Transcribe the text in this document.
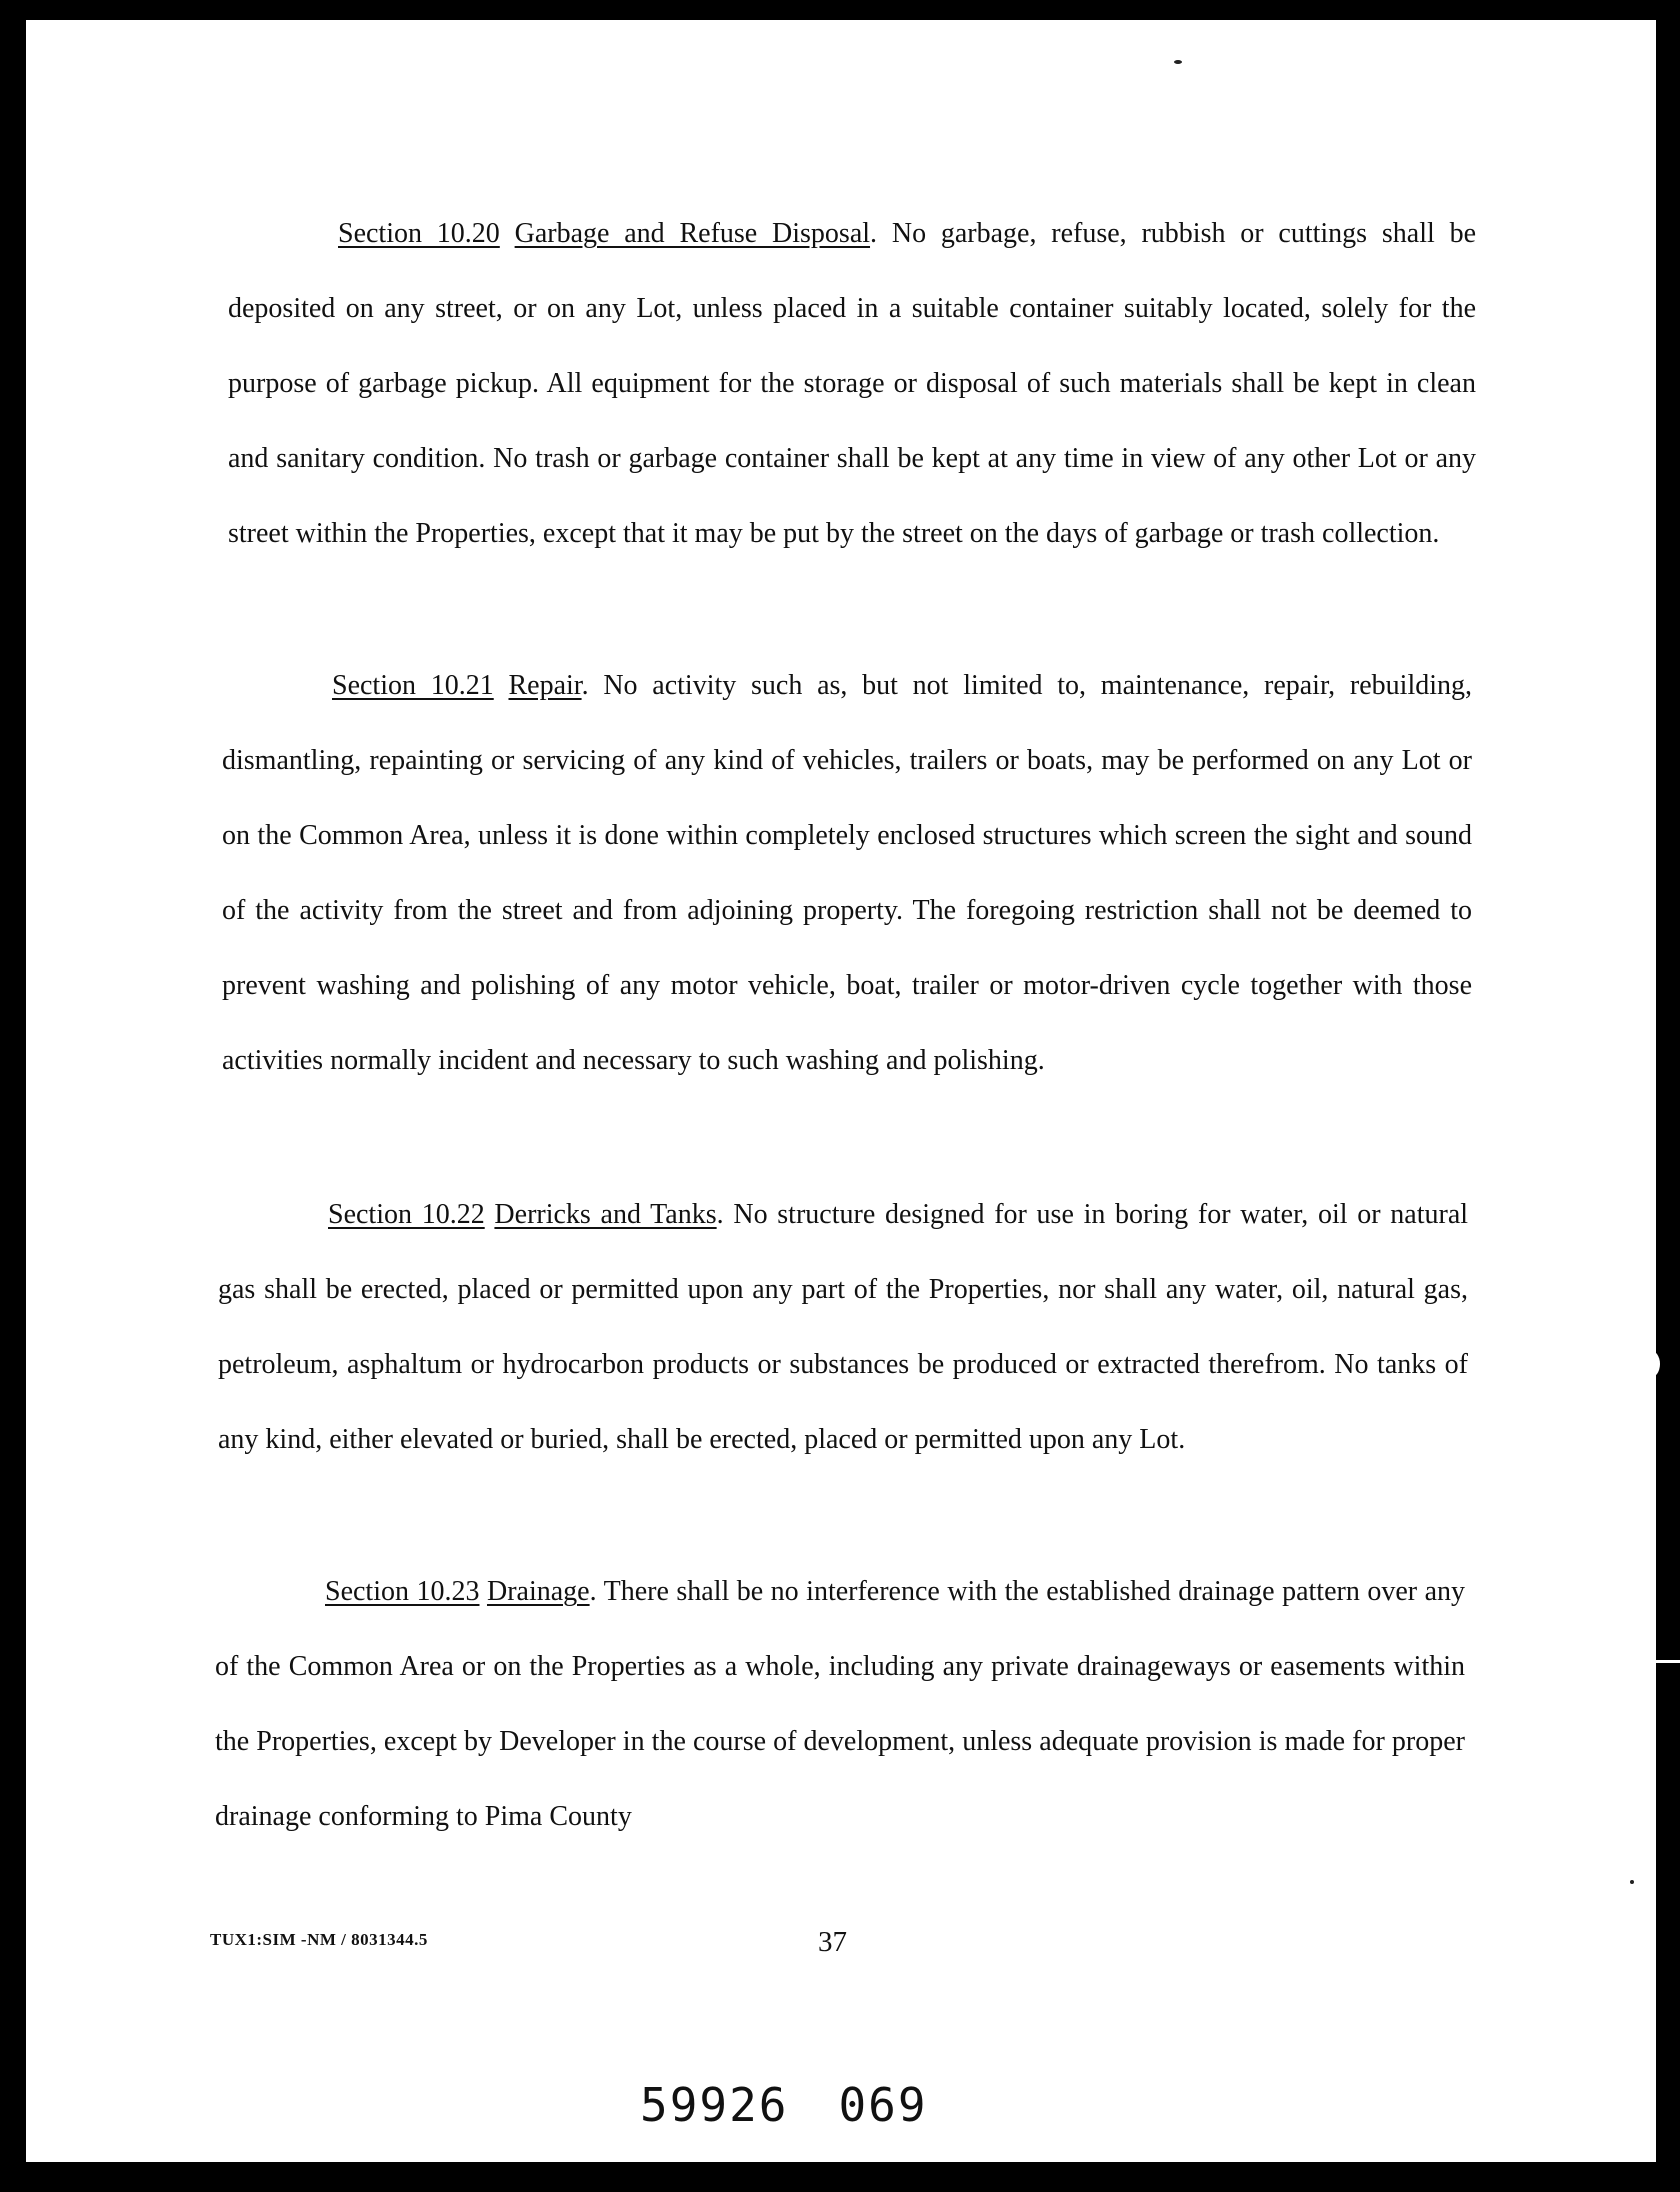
Section 10.20 Garbage and Refuse Disposal. No garbage, refuse, rubbish or cuttings shall be deposited on any street, or on any Lot, unless placed in a suitable container suitably located, solely for the purpose of garbage pickup. All equipment for the storage or disposal of such materials shall be kept in clean and sanitary condition. No trash or garbage container shall be kept at any time in view of any other Lot or any street within the Properties, except that it may be put by the street on the days of garbage or trash collection.

Section 10.21 Repair. No activity such as, but not limited to, maintenance, repair, rebuilding, dismantling, repainting or servicing of any kind of vehicles, trailers or boats, may be performed on any Lot or on the Common Area, unless it is done within completely enclosed structures which screen the sight and sound of the activity from the street and from adjoining property. The foregoing restriction shall not be deemed to prevent washing and polishing of any motor vehicle, boat, trailer or motor-driven cycle together with those activities normally incident and necessary to such washing and polishing.

Section 10.22 Derricks and Tanks. No structure designed for use in boring for water, oil or natural gas shall be erected, placed or permitted upon any part of the Properties, nor shall any water, oil, natural gas, petroleum, asphaltum or hydrocarbon products or substances be produced or extracted therefrom. No tanks of any kind, either elevated or buried, shall be erected, placed or permitted upon any Lot.

Section 10.23 Drainage. There shall be no interference with the established drainage pattern over any of the Common Area or on the Properties as a whole, including any private drainageways or easements within the Properties, except by Developer in the course of development, unless adequate provision is made for proper drainage conforming to Pima County

TUX1:SIM -NM / 8031344.5	37
59926 069
